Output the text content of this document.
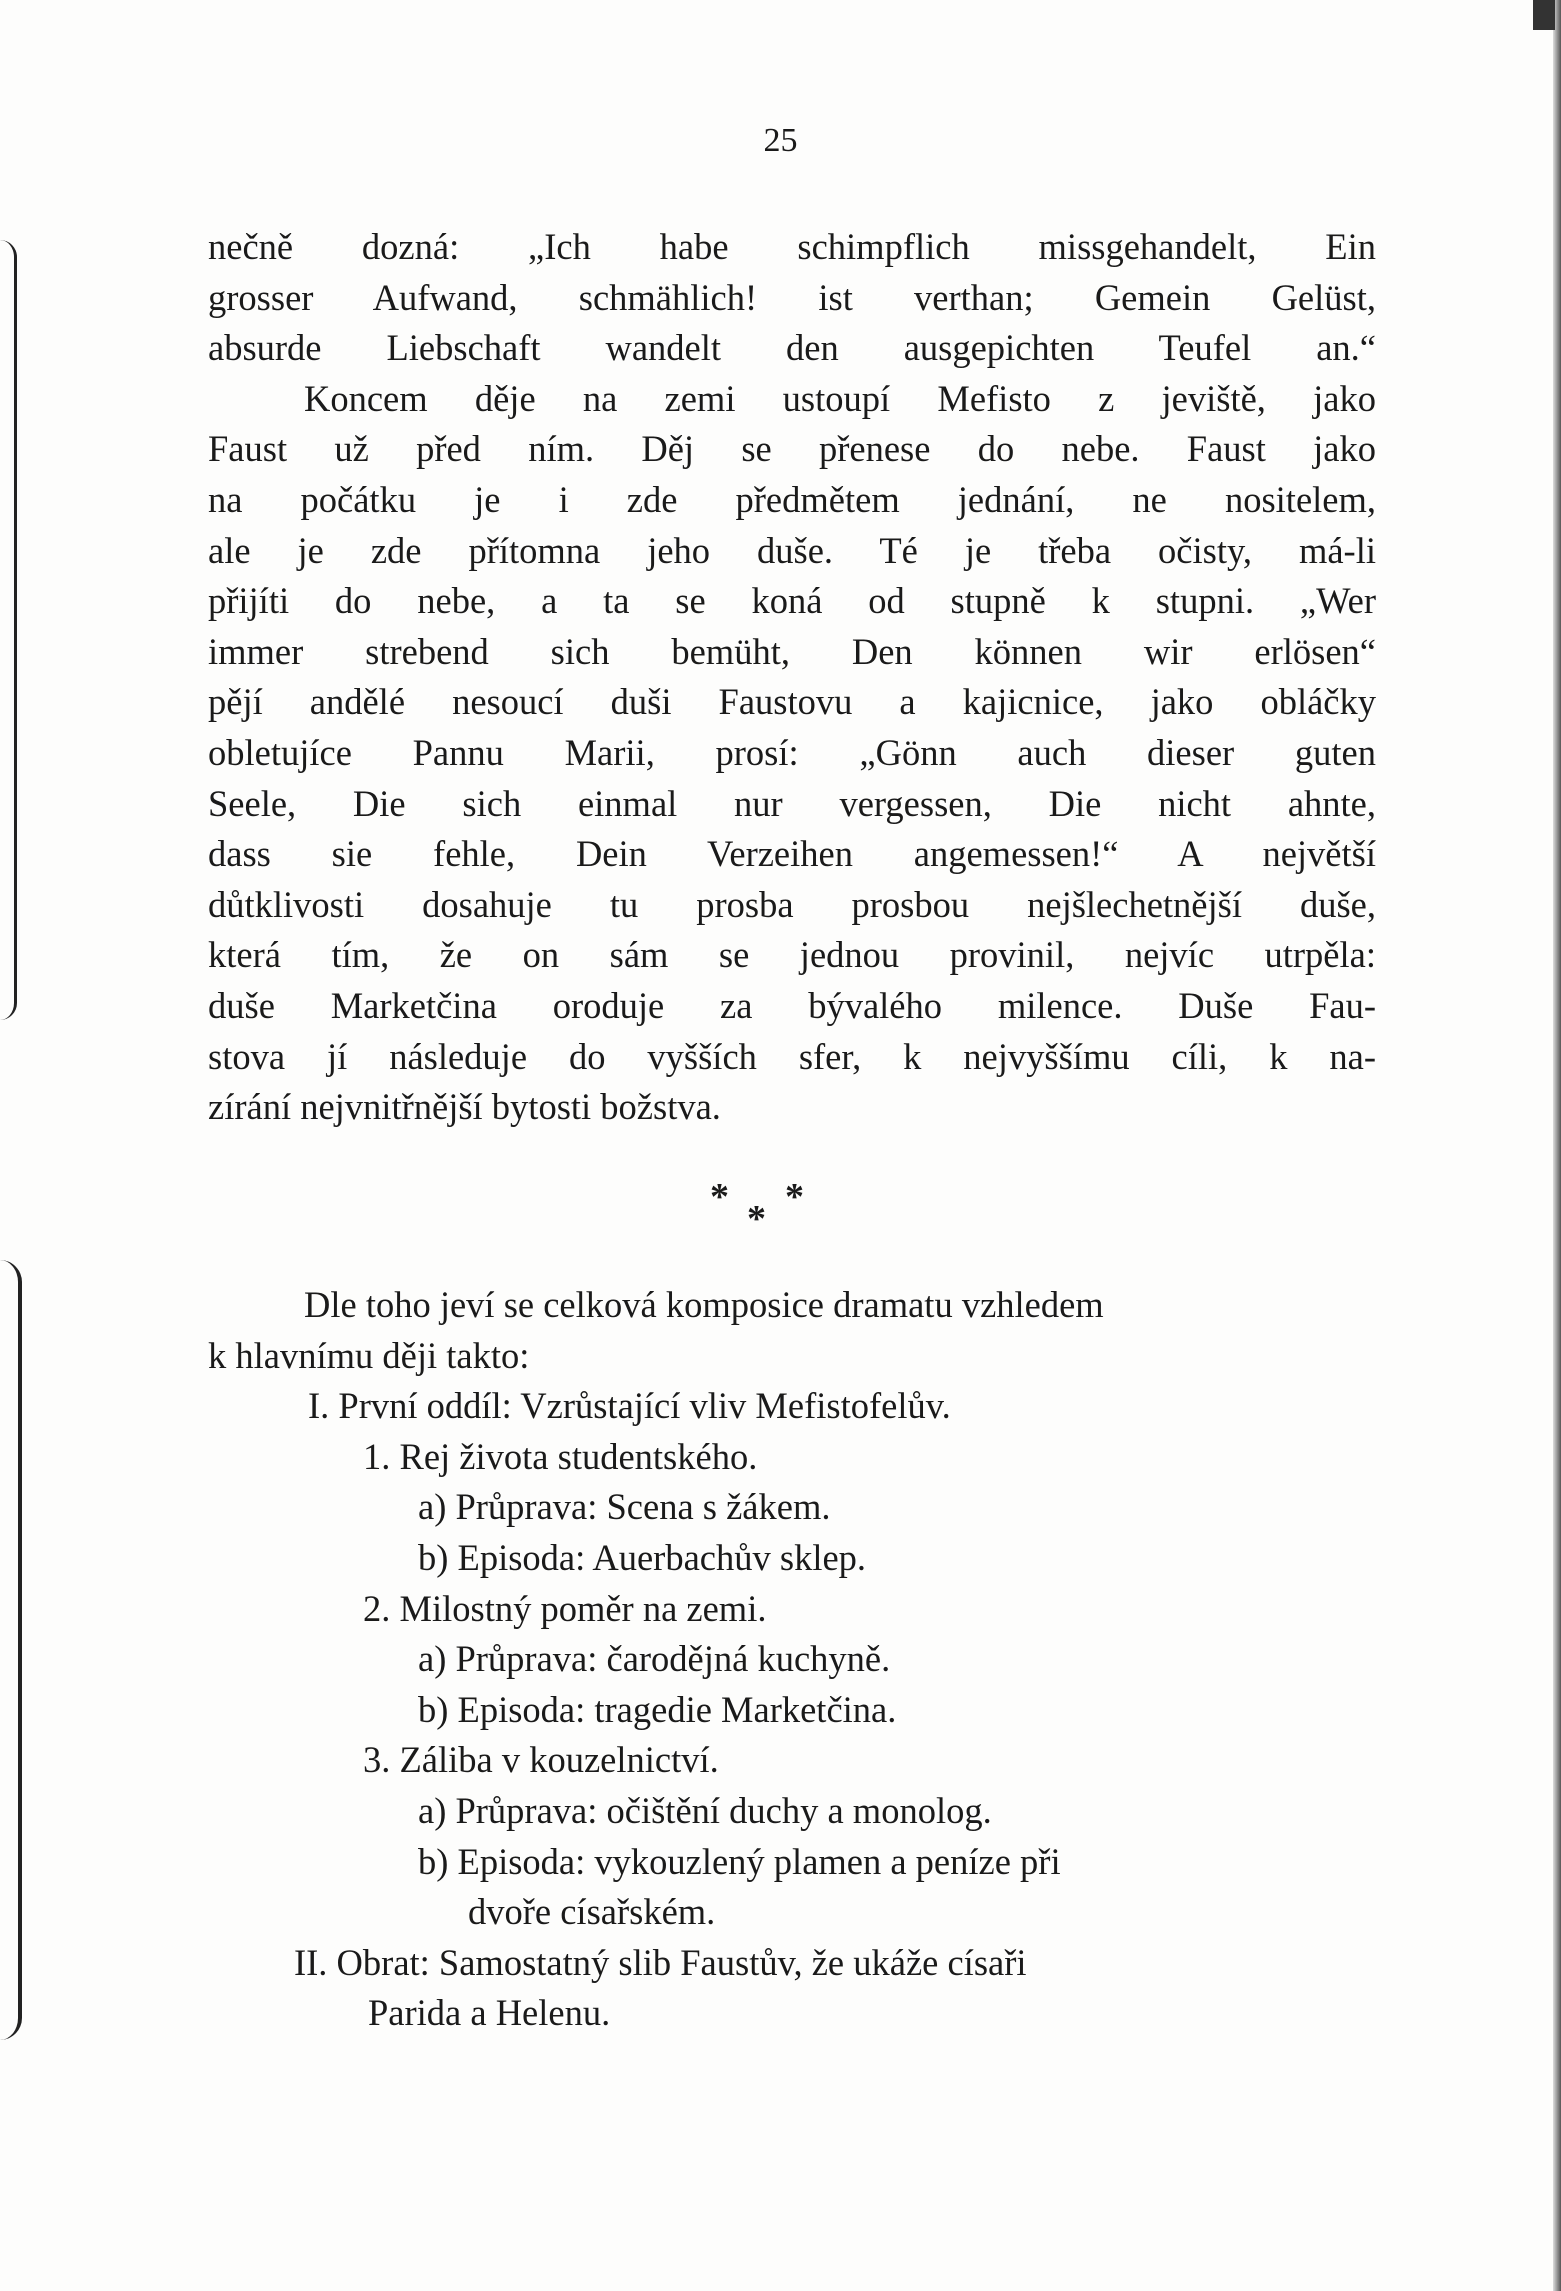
25
nečně dozná: „Ich habe schimpflich missgehandelt, Ein
grosser Aufwand, schmählich! ist verthan; Gemein Gelüst,
absurde Liebschaft wandelt den ausgepichten Teufel an.“
Koncem děje na zemi ustoupí Mefisto z jeviště, jako
Faust už před ním. Děj se přenese do nebe. Faust jako
na počátku je i zde předmětem jednání, ne nositelem,
ale je zde přítomna jeho duše. Té je třeba očisty, má-li
přijíti do nebe, a ta se koná od stupně k stupni. „Wer
immer strebend sich bemüht, Den können wir erlösen“
pějí andělé nesoucí duši Faustovu a kajicnice, jako obláčky
obletujíce Pannu Marii, prosí: „Gönn auch dieser guten
Seele, Die sich einmal nur vergessen, Die nicht ahnte,
dass sie fehle, Dein Verzeihen angemessen!“ A největší
důtklivosti dosahuje tu prosba prosbou nejšlechetnější duše,
která tím, že on sám se jednou provinil, nejvíc utrpěla:
duše Marketčina oroduje za bývalého milence. Duše Fau-
stova jí následuje do vyšších sfer, k nejvyššímu cíli, k na-
zírání nejvnitřnější bytosti božstva.
* *
*
Dle toho jeví se celková komposice dramatu vzhledem
k hlavnímu ději takto:
I. První oddíl: Vzrůstající vliv Mefistofelův.
1. Rej života studentského.
a) Průprava: Scena s žákem.
b) Episoda: Auerbachův sklep.
2. Milostný poměr na zemi.
a) Průprava: čarodějná kuchyně.
b) Episoda: tragedie Marketčina.
3. Záliba v kouzelnictví.
a) Průprava: očištění duchy a monolog.
b) Episoda: vykouzlený plamen a peníze při
dvoře císařském.
II. Obrat: Samostatný slib Faustův, že ukáže císaři
Parida a Helenu.
